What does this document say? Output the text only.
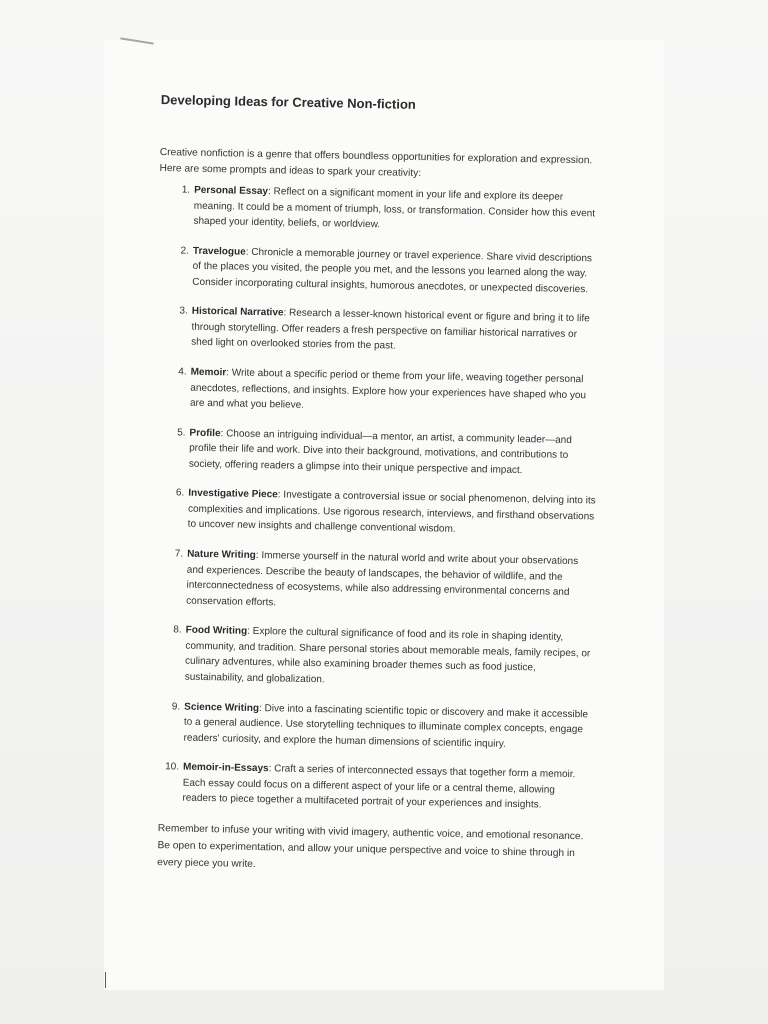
Developing Ideas for Creative Non-fiction
Creative nonfiction is a genre that offers boundless opportunities for exploration and expression. Here are some prompts and ideas to spark your creativity:
1. Personal Essay: Reflect on a significant moment in your life and explore its deeper meaning. It could be a moment of triumph, loss, or transformation. Consider how this event shaped your identity, beliefs, or worldview.
2. Travelogue: Chronicle a memorable journey or travel experience. Share vivid descriptions of the places you visited, the people you met, and the lessons you learned along the way. Consider incorporating cultural insights, humorous anecdotes, or unexpected discoveries.
3. Historical Narrative: Research a lesser-known historical event or figure and bring it to life through storytelling. Offer readers a fresh perspective on familiar historical narratives or shed light on overlooked stories from the past.
4. Memoir: Write about a specific period or theme from your life, weaving together personal anecdotes, reflections, and insights. Explore how your experiences have shaped who you are and what you believe.
5. Profile: Choose an intriguing individual—a mentor, an artist, a community leader—and profile their life and work. Dive into their background, motivations, and contributions to society, offering readers a glimpse into their unique perspective and impact.
6. Investigative Piece: Investigate a controversial issue or social phenomenon, delving into its complexities and implications. Use rigorous research, interviews, and firsthand observations to uncover new insights and challenge conventional wisdom.
7. Nature Writing: Immerse yourself in the natural world and write about your observations and experiences. Describe the beauty of landscapes, the behavior of wildlife, and the interconnectedness of ecosystems, while also addressing environmental concerns and conservation efforts.
8. Food Writing: Explore the cultural significance of food and its role in shaping identity, community, and tradition. Share personal stories about memorable meals, family recipes, or culinary adventures, while also examining broader themes such as food justice, sustainability, and globalization.
9. Science Writing: Dive into a fascinating scientific topic or discovery and make it accessible to a general audience. Use storytelling techniques to illuminate complex concepts, engage readers' curiosity, and explore the human dimensions of scientific inquiry.
10. Memoir-in-Essays: Craft a series of interconnected essays that together form a memoir. Each essay could focus on a different aspect of your life or a central theme, allowing readers to piece together a multifaceted portrait of your experiences and insights.
Remember to infuse your writing with vivid imagery, authentic voice, and emotional resonance. Be open to experimentation, and allow your unique perspective and voice to shine through in every piece you write.
